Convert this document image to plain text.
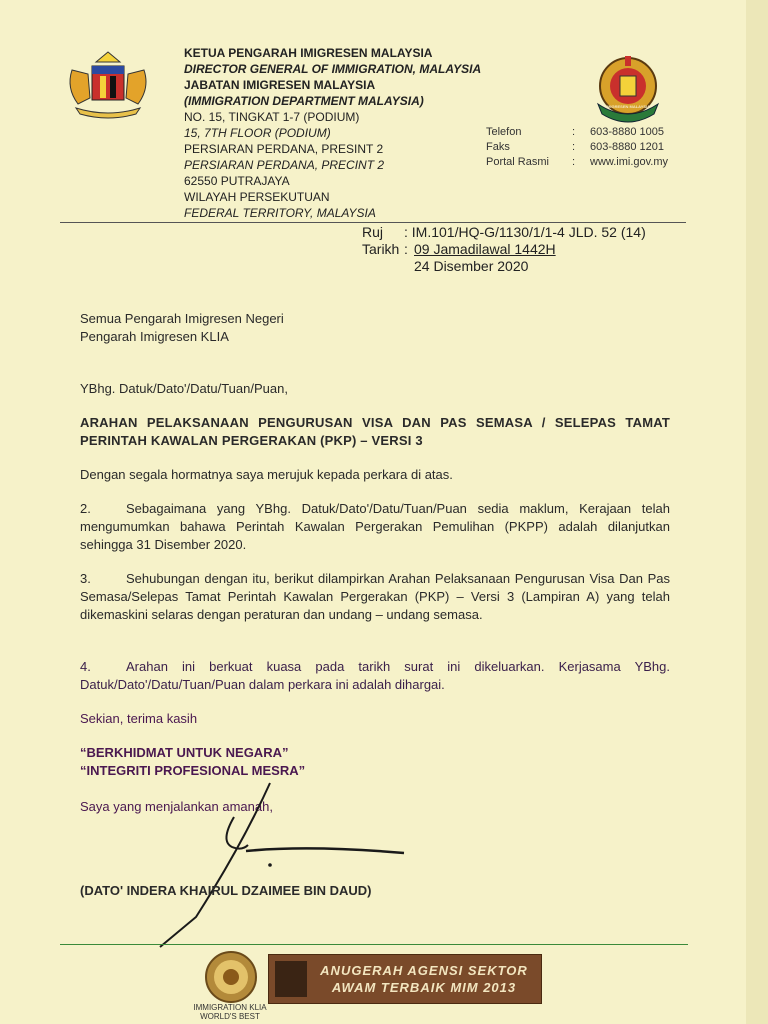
KETUA PENGARAH IMIGRESEN MALAYSIA
DIRECTOR GENERAL OF IMMIGRATION, MALAYSIA
JABATAN IMIGRESEN MALAYSIA
(IMMIGRATION DEPARTMENT MALAYSIA)
NO. 15, TINGKAT 1-7 (PODIUM)
15, 7TH FLOOR (PODIUM)
PERSIARAN PERDANA, PRESINT 2
PERSIARAN PERDANA, PRECINT 2
62550 PUTRAJAYA
WILAYAH PERSEKUTUAN
FEDERAL TERRITORY, MALAYSIA
IMIGRESEN MALAYSIA
Telefon	: 603-8880 1005
Faks	: 603-8880 1201
Portal Rasmi : www.imi.gov.my
Ruj : IM.101/HQ-G/1130/1/1-4 JLD. 52 (14)
Tarikh : 09 Jamadilawal 1442H
24 Disember 2020
Semua Pengarah Imigresen Negeri
Pengarah Imigresen KLIA
YBhg. Datuk/Dato'/Datu/Tuan/Puan,
ARAHAN PELAKSANAAN PENGURUSAN VISA DAN PAS SEMASA / SELEPAS TAMAT PERINTAH KAWALAN PERGERAKAN (PKP) – VERSI 3
Dengan segala hormatnya saya merujuk kepada perkara di atas.
2.	Sebagaimana yang YBhg. Datuk/Dato'/Datu/Tuan/Puan sedia maklum, Kerajaan telah mengumumkan bahawa Perintah Kawalan Pergerakan Pemulihan (PKPP) adalah dilanjutkan sehingga 31 Disember 2020.
3.	Sehubungan dengan itu, berikut dilampirkan Arahan Pelaksanaan Pengurusan Visa Dan Pas Semasa/Selepas Tamat Perintah Kawalan Pergerakan (PKP) – Versi 3 (Lampiran A) yang telah dikemaskini selaras dengan peraturan dan undang – undang semasa.
4.	Arahan ini berkuat kuasa pada tarikh surat ini dikeluarkan. Kerjasama YBhg. Datuk/Dato'/Datu/Tuan/Puan dalam perkara ini adalah dihargai.
Sekian, terima kasih
“BERKHIDMAT UNTUK NEGARA”
“INTEGRITI PROFESIONAL MESRA”
Saya yang menjalankan amanah,
(DATO' INDERA KHAIRUL DZAIMEE BIN DAUD)
IMMIGRATION KLIA
WORLD'S BEST
ANUGERAH AGENSI SEKTOR
AWAM TERBAIK MIM 2013
